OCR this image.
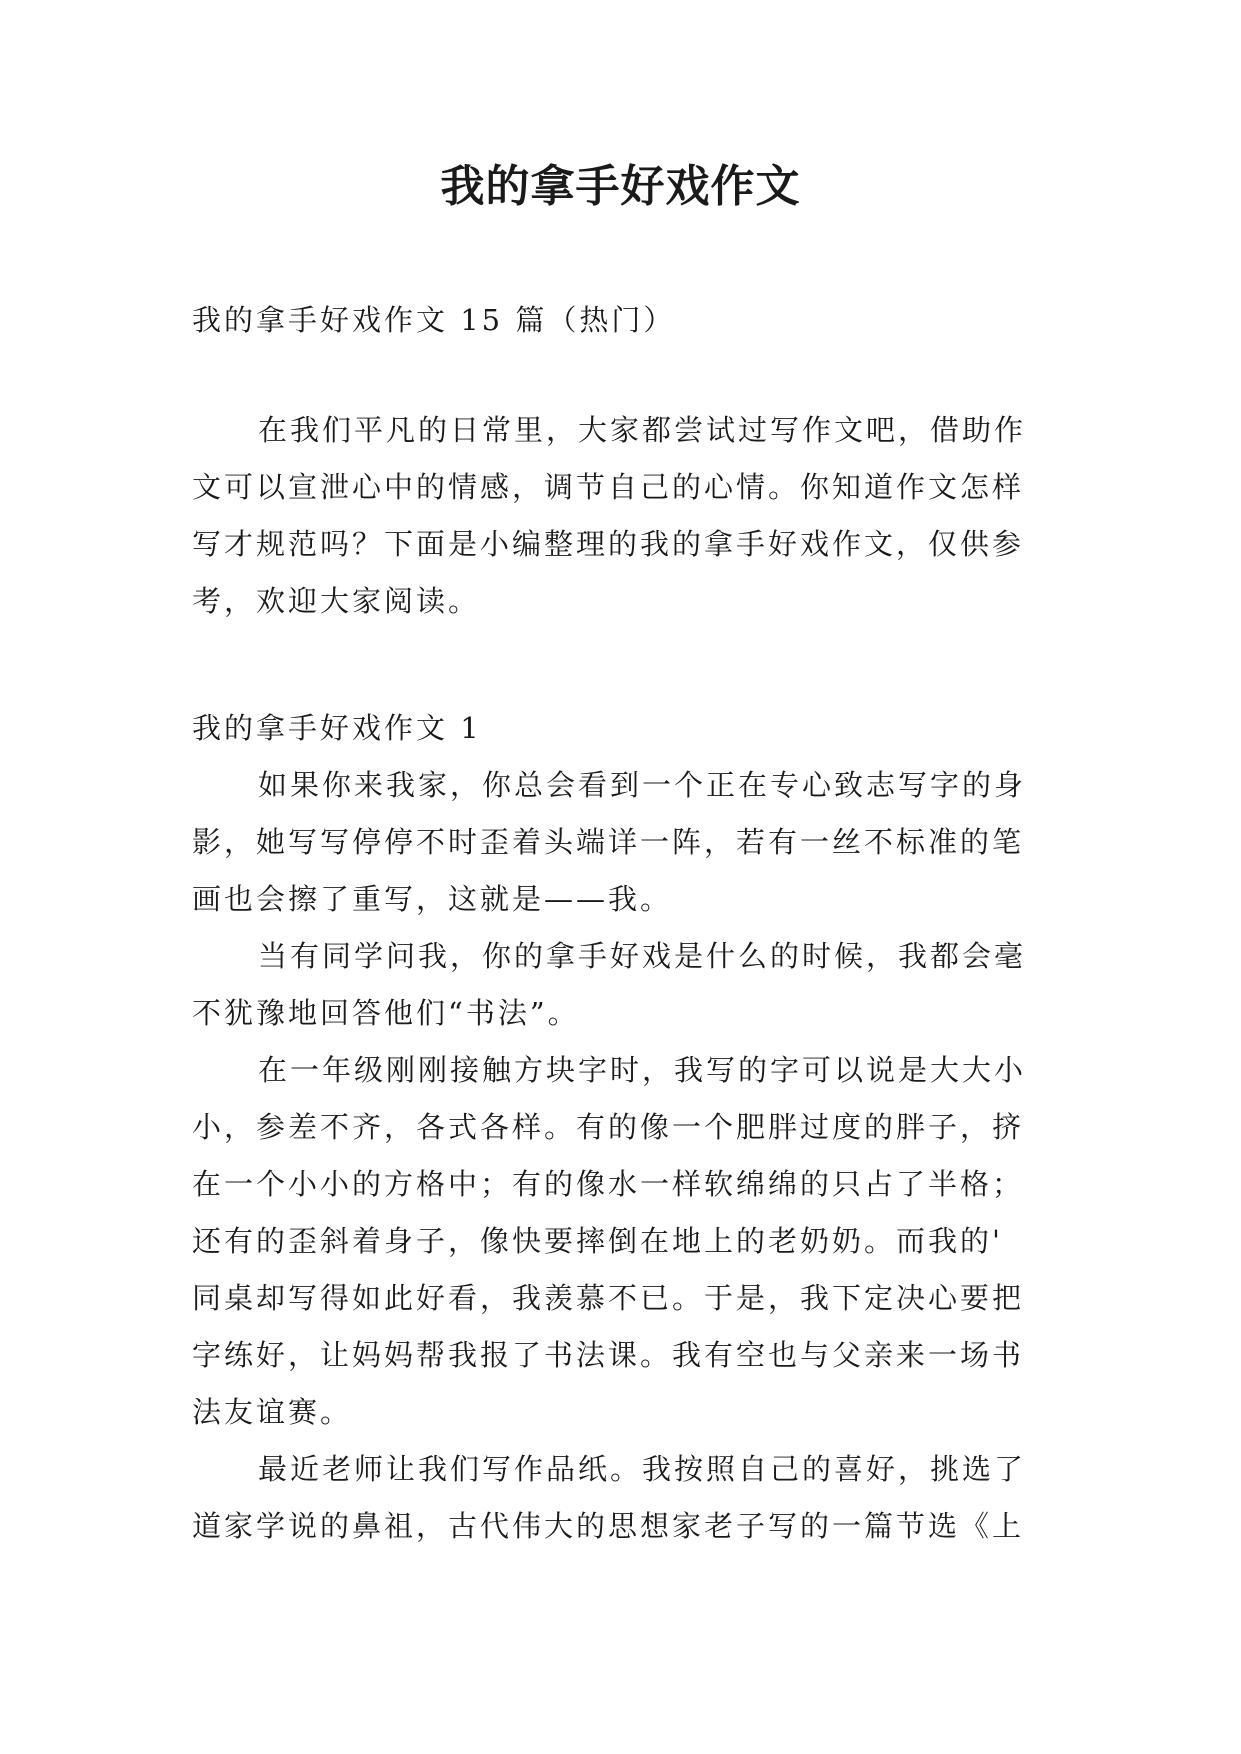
我的拿手好戏作文
我的拿手好戏作文 15 篇（热门）
在我们平凡的日常里，大家都尝试过写作文吧，借助作
文可以宣泄心中的情感，调节自己的心情。你知道作文怎样
写才规范吗？下面是小编整理的我的拿手好戏作文，仅供参
考，欢迎大家阅读。
我的拿手好戏作文 1
如果你来我家，你总会看到一个正在专心致志写字的身
影，她写写停停不时歪着头端详一阵，若有一丝不标准的笔
画也会擦了重写，这就是——我。
当有同学问我，你的拿手好戏是什么的时候，我都会毫
不犹豫地回答他们“书法”。
在一年级刚刚接触方块字时，我写的字可以说是大大小
小，参差不齐，各式各样。有的像一个肥胖过度的胖子，挤
在一个小小的方格中；有的像水一样软绵绵的只占了半格；
还有的歪斜着身子，像快要摔倒在地上的老奶奶。而我的'
同桌却写得如此好看，我羡慕不已。于是，我下定决心要把
字练好，让妈妈帮我报了书法课。我有空也与父亲来一场书
法友谊赛。
最近老师让我们写作品纸。我按照自己的喜好，挑选了
道家学说的鼻祖，古代伟大的思想家老子写的一篇节选《上
